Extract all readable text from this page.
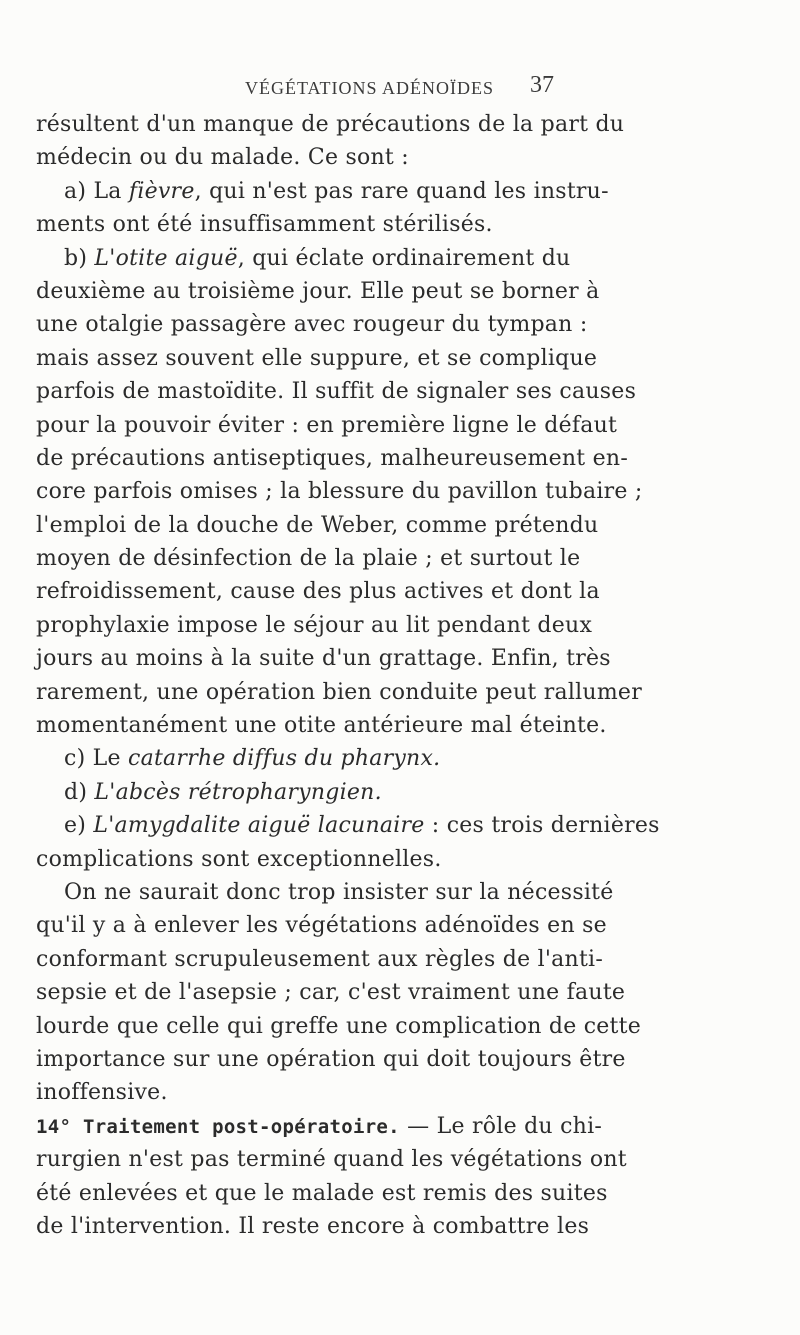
VÉGÉTATIONS ADÉNOÏDES 37
résultent d'un manque de précautions de la part du
médecin ou du malade. Ce sont :
a) La fièvre, qui n'est pas rare quand les instru-
ments ont été insuffisamment stérilisés.
b) L'otite aiguë, qui éclate ordinairement du
deuxième au troisième jour. Elle peut se borner à
une otalgie passagère avec rougeur du tympan :
mais assez souvent elle suppure, et se complique
parfois de mastoïdite. Il suffit de signaler ses causes
pour la pouvoir éviter : en première ligne le défaut
de précautions antiseptiques, malheureusement en-
core parfois omises ; la blessure du pavillon tubaire ;
l'emploi de la douche de Weber, comme prétendu
moyen de désinfection de la plaie ; et surtout le
refroidissement, cause des plus actives et dont la
prophylaxie impose le séjour au lit pendant deux
jours au moins à la suite d'un grattage. Enfin, très
rarement, une opération bien conduite peut rallumer
momentanément une otite antérieure mal éteinte.
c) Le catarrhe diffus du pharynx.
d) L'abcès rétropharyngien.
e) L'amygdalite aiguë lacunaire : ces trois dernières
complications sont exceptionnelles.
On ne saurait donc trop insister sur la nécessité
qu'il y a à enlever les végétations adénoïdes en se
conformant scrupuleusement aux règles de l'anti-
sepsie et de l'asepsie ; car, c'est vraiment une faute
lourde que celle qui greffe une complication de cette
importance sur une opération qui doit toujours être
inoffensive.
14° Traitement post-opératoire. — Le rôle du chi-
rurgien n'est pas terminé quand les végétations ont
été enlevées et que le malade est remis des suites
de l'intervention. Il reste encore à combattre les
